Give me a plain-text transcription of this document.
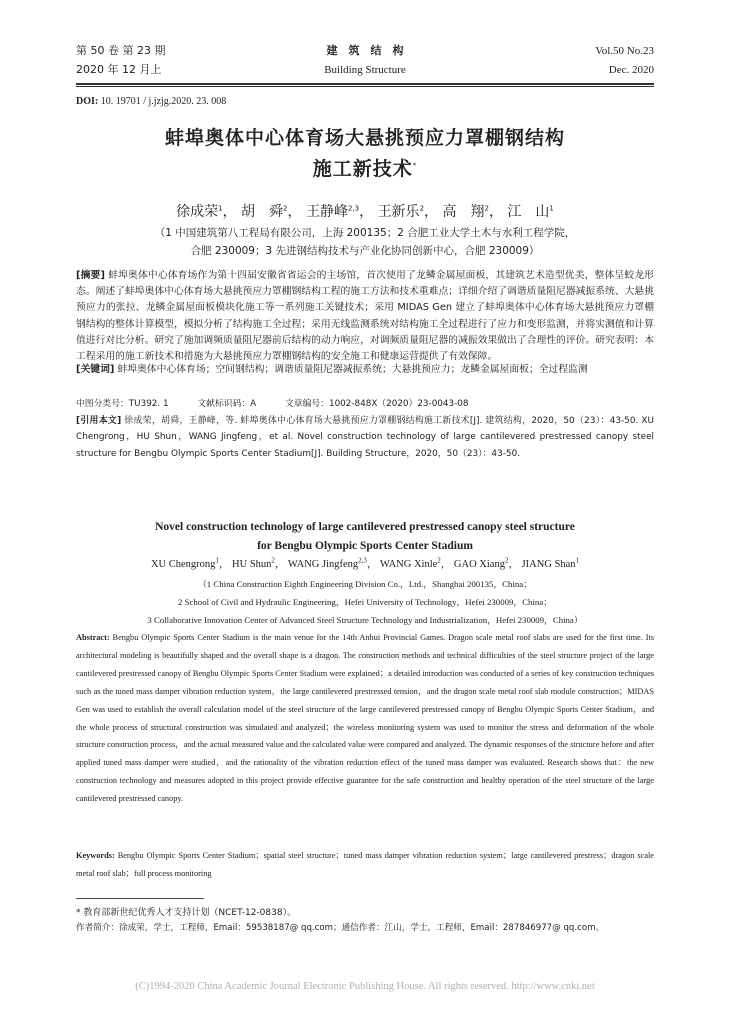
第 50 卷 第 23 期
2020 年 12 月上
建　筑　结　构
Building Structure
Vol.50 No.23
Dec. 2020
DOI: 10. 19701 / j.jzjg.2020. 23. 008
蚌埠奥体中心体育场大悬挑预应力罩棚钢结构
施工新技术*
徐成荣$^1$， 胡　舜$^2$， 王静峰$^{2,3}$， 王新乐$^2$， 高　翔$^2$， 江　山$^1$
（1 中国建筑第八工程局有限公司，上海 200135；2 合肥工业大学土木与水利工程学院，
合肥 230009；3 先进钢结构技术与产业化协同创新中心，合肥 230009）
[摘要] 蚌埠奥体中心体育场作为第十四届安徽省省运会的主场馆，首次使用了龙鳞金属屋面板，其建筑艺术造型优美，整体呈蛟龙形态。阐述了蚌埠奥体中心体育场大悬挑预应力罩棚钢结构工程的施工方法和技术重难点；详细介绍了调谐质量阻尼器减振系统、大悬挑预应力的张拉、龙鳞金属屋面板模块化施工等一系列施工关键技术；采用 MIDAS Gen 建立了蚌埠奥体中心体育场大悬挑预应力罩棚钢结构的整体计算模型，模拟分析了结构施工全过程；采用无线监测系统对结构施工全过程进行了应力和变形监测，并将实测值和计算值进行对比分析。研究了施加调频质量阻尼器前后结构的动力响应，对调频质量阻尼器的减振效果做出了合理性的评价。研究表明：本工程采用的施工新技术和措施为大悬挑预应力罩棚钢结构的安全施工和健康运营提供了有效保障。
[关键词] 蚌埠奥体中心体育场；空间钢结构；调谐质量阻尼器减振系统；大悬挑预应力；龙鳞金属屋面板；全过程监测
中图分类号：TU392. 1	文献标识码：A	文章编号：1002-848X（2020）23-0043-08
[引用本文] 徐成荣，胡舜，王静峰，等. 蚌埠奥体中心体育场大悬挑预应力罩棚钢结构施工新技术[J]. 建筑结构，2020，50（23）：43-50. XU Chengrong，HU Shun，WANG Jingfeng，et al. Novel construction technology of large cantilevered prestressed canopy steel structure for Bengbu Olympic Sports Center Stadium[J]. Building Structure，2020，50（23）：43-50.
Novel construction technology of large cantilevered prestressed canopy steel structure
for Bengbu Olympic Sports Center Stadium
XU Chengrong$^1$， HU Shun$^2$， WANG Jingfeng$^{2,3}$， WANG Xinle$^2$， GAO Xiang$^2$， JIANG Shan$^1$
（1 China Construction Eighth Engineering Division Co.，Ltd.，Shanghai 200135，China；
2 School of Civil and Hydraulic Engineering，Hefei University of Technology，Hefei 230009，China；
3 Collaborative Innovation Center of Advanced Steel Structure Technology and Industrialization，Hefei 230009，China）
Abstract: Bengbu Olympic Sports Center Stadium is the main venue for the 14th Anhui Provincial Games. Dragon scale metal roof slabs are used for the first time. Its architectural modeling is beautifully shaped and the overall shape is a dragon. The construction methods and technical difficulties of the steel structure project of the large cantilevered prestressed canopy of Bengbu Olympic Sports Center Stadium were explained；a detailed introduction was conducted of a series of key construction techniques such as the tuned mass damper vibration reduction system，the large cantilevered prestressed tension，and the dragon scale metal roof slab module construction；MIDAS Gen was used to establish the overall calculation model of the steel structure of the large cantilevered prestressed canopy of Bengbu Olympic Sports Center Stadium，and the whole process of structural construction was simulated and analyzed；the wireless monitoring system was used to monitor the stress and deformation of the whole structure construction process，and the actual measured value and the calculated value were compared and analyzed. The dynamic responses of the structure before and after applied tuned mass damper were studied，and the rationality of the vibration reduction effect of the tuned mass damper was evaluated. Research shows that：the new construction technology and measures adopted in this project provide effective guarantee for the safe construction and healthy operation of the steel structure of the large cantilevered prestressed canopy.
Keywords: Bengbu Olympic Sports Center Stadium；spatial steel structure；tuned mass damper vibration reduction system；large cantilevered prestress；dragon scale metal roof slab；full process monitoring
* 教育部新世纪优秀人才支持计划（NCET-12-0838）。
作者简介：徐成荣，学士，工程师，Email：59538187@ qq.com；通信作者：江山，学士，工程师，Email：287846977@ qq.com。
(C)1994-2020 China Academic Journal Electronic Publishing House. All rights reserved. http://www.cnki.net
